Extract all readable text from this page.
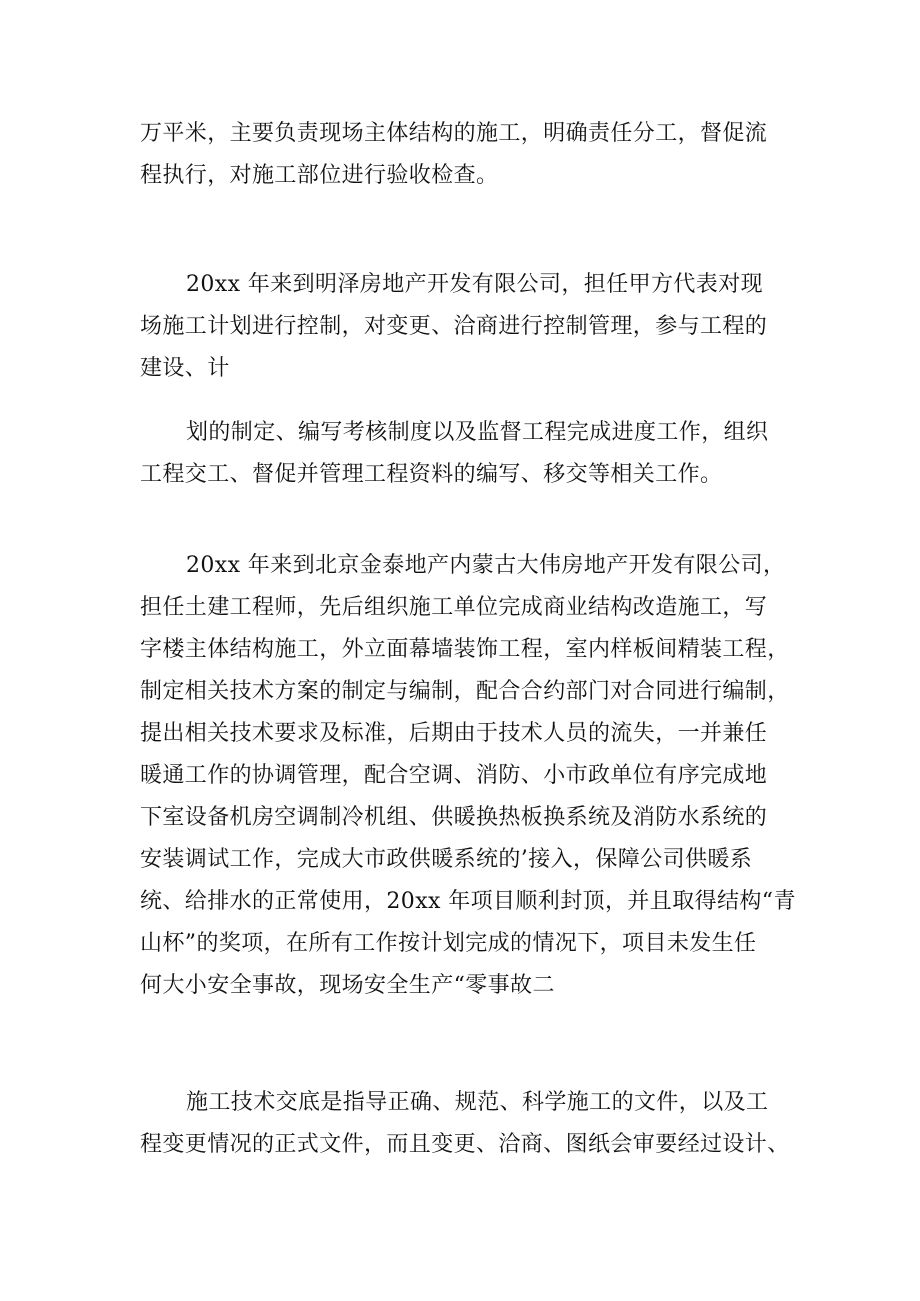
万平米，主要负责现场主体结构的施工，明确责任分工，督促流
程执行，对施工部位进行验收检查。
20xx 年来到明泽房地产开发有限公司，担任甲方代表对现
场施工计划进行控制，对变更、洽商进行控制管理，参与工程的
建设、计
划的制定、编写考核制度以及监督工程完成进度工作，组织
工程交工、督促并管理工程资料的编写、移交等相关工作。
20xx 年来到北京金泰地产内蒙古大伟房地产开发有限公司，
担任土建工程师，先后组织施工单位完成商业结构改造施工，写
字楼主体结构施工，外立面幕墙装饰工程，室内样板间精装工程，
制定相关技术方案的制定与编制，配合合约部门对合同进行编制，
提出相关技术要求及标准，后期由于技术人员的流失，一并兼任
暖通工作的协调管理，配合空调、消防、小市政单位有序完成地
下室设备机房空调制冷机组、供暖换热板换系统及消防水系统的
安装调试工作，完成大市政供暖系统的’接入，保障公司供暖系
统、给排水的正常使用，20xx 年项目顺利封顶，并且取得结构“青
山杯”的奖项，在所有工作按计划完成的情况下，项目未发生任
何大小安全事故，现场安全生产“零事故二
施工技术交底是指导正确、规范、科学施工的文件，以及工
程变更情况的正式文件，而且变更、洽商、图纸会审要经过设计、
